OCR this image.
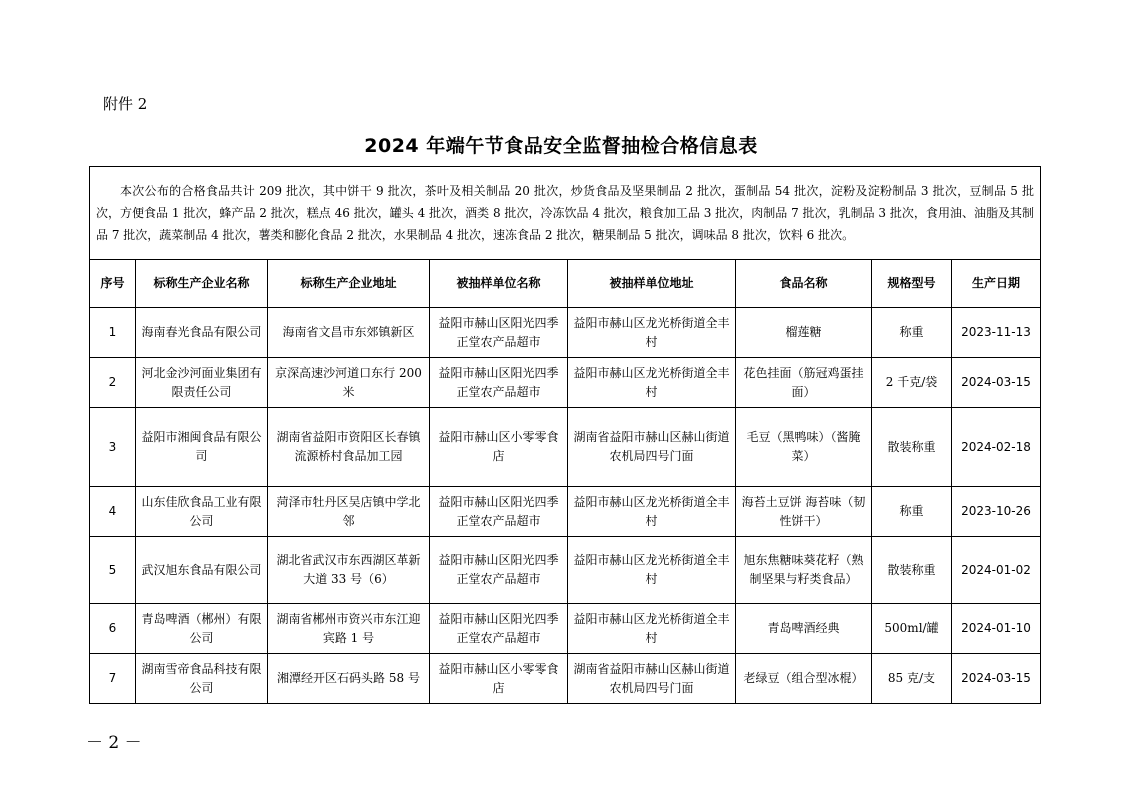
附件 2
2024 年端午节食品安全监督抽检合格信息表
本次公布的合格食品共计 209 批次，其中饼干 9 批次，茶叶及相关制品 20 批次，炒货食品及坚果制品 2 批次，蛋制品 54 批次，淀粉及淀粉制品 3 批次，豆制品 5 批次，方便食品 1 批次，蜂产品 2 批次，糕点 46 批次，罐头 4 批次，酒类 8 批次，冷冻饮品 4 批次，粮食加工品 3 批次，肉制品 7 批次，乳制品 3 批次，食用油、油脂及其制品 7 批次，蔬菜制品 4 批次，薯类和膨化食品 2 批次，水果制品 4 批次，速冻食品 2 批次，糖果制品 5 批次，调味品 8 批次，饮料 6 批次。							
序号	标称生产企业名称	标称生产企业地址	被抽样单位名称	被抽样单位地址	食品名称	规格型号	生产日期
1	海南春光食品有限公司	海南省文昌市东郊镇新区	益阳市赫山区阳光四季正堂农产品超市	益阳市赫山区龙光桥街道全丰村	榴莲糖	称重	2023-11-13
2	河北金沙河面业集团有限责任公司	京深高速沙河道口东行 200 米	益阳市赫山区阳光四季正堂农产品超市	益阳市赫山区龙光桥街道全丰村	花色挂面（筋冠鸡蛋挂面）	2 千克/袋	2024-03-15
3	益阳市湘闽食品有限公司	湖南省益阳市资阳区长春镇流源桥村食品加工园	益阳市赫山区小零零食店	湖南省益阳市赫山区赫山街道农机局四号门面	毛豆（黑鸭味）（酱腌菜）	散装称重	2024-02-18
4	山东佳欣食品工业有限公司	菏泽市牡丹区吴店镇中学北邻	益阳市赫山区阳光四季正堂农产品超市	益阳市赫山区龙光桥街道全丰村	海苔土豆饼 海苔味（韧性饼干）	称重	2023-10-26
5	武汉旭东食品有限公司	湖北省武汉市东西湖区革新大道 33 号（6）	益阳市赫山区阳光四季正堂农产品超市	益阳市赫山区龙光桥街道全丰村	旭东焦糖味葵花籽（熟制坚果与籽类食品）	散装称重	2024-01-02
6	青岛啤酒（郴州）有限公司	湖南省郴州市资兴市东江迎宾路 1 号	益阳市赫山区阳光四季正堂农产品超市	益阳市赫山区龙光桥街道全丰村	青岛啤酒经典	500ml/罐	2024-01-10
7	湖南雪帝食品科技有限公司	湘潭经开区石码头路 58 号	益阳市赫山区小零零食店	湖南省益阳市赫山区赫山街道农机局四号门面	老绿豆（组合型冰棍）	85 克/支	2024-03-15
－ 2 －
